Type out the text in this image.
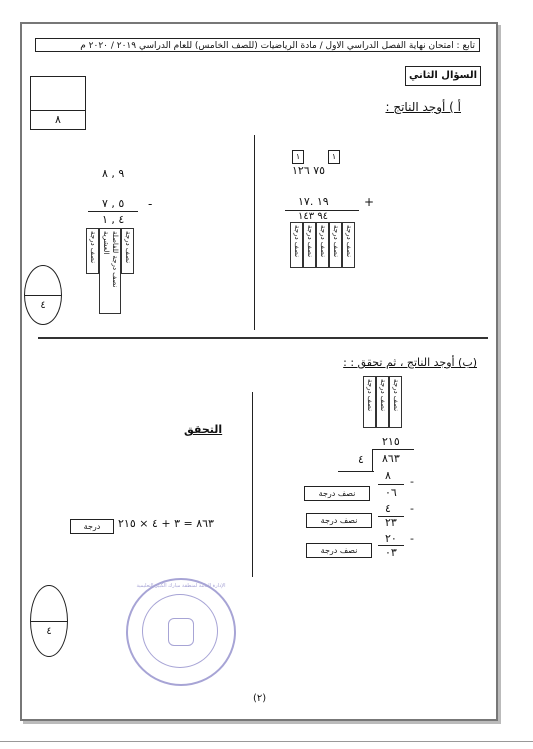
تابع : امتحان نهاية الفصل الدراسي الاول / مادة الرياضيات (للصف الخامس) للعام الدراسي ٢٠١٩ / ٢٠٢٠ م
السؤال الثاني
أ ) أوجد الناتج :
٨
١	١
٧٥ ١٢٦
١٩ .١٧	+
٩٤ ١٤٣
نصف درجة نصف درجة نصف درجة نصف درجة نصف درجة
٩ , ٨
٥ , ٧ -
٤ , ١
نصف درجة نصف درجة للفاصلة العشرية نصف درجة
٤
(ب) أوجد الناتج ، ثم تحقق : :
نصف درجة نصف درجة نصف درجة
٢١٥
٤ ٨٦٣
٨ -
٠٦
نصف درجة
٤ -
٢٣
نصف درجة
٢٠ -
٠٣
نصف درجة
التحقق
٨٦٣ = ٣ + ٤ × ٢١٥
درجة
٤
الإدارة العامة لمنطقة مبارك الكبير التعليمية
(٢)
